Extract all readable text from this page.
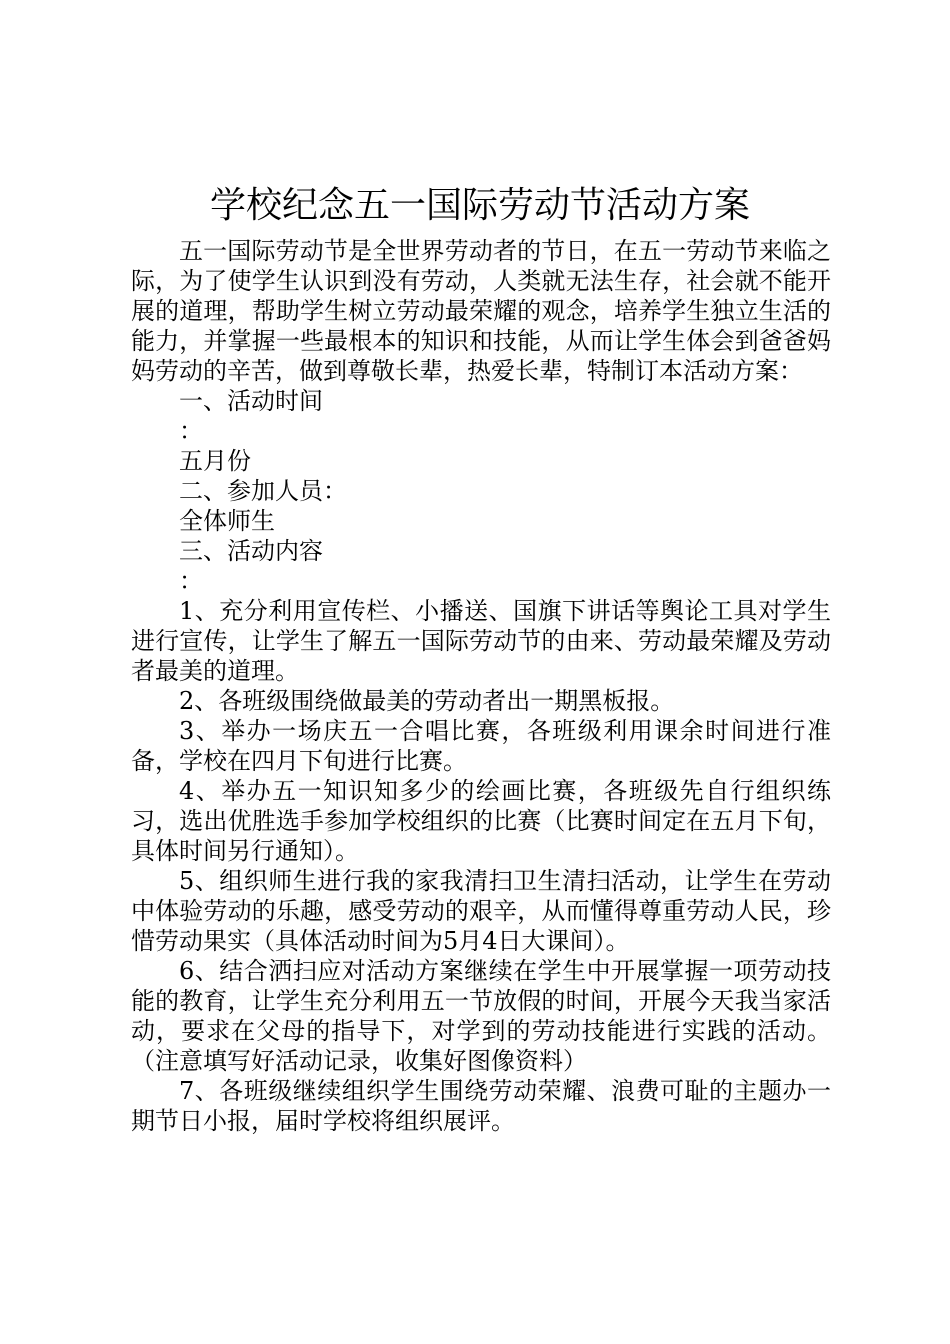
学校纪念五一国际劳动节活动方案

五一国际劳动节是全世界劳动者的节日，在五一劳动节来临之际，为了使学生认识到没有劳动，人类就无法生存，社会就不能开展的道理，帮助学生树立劳动最荣耀的观念，培养学生独立生活的能力，并掌握一些最根本的知识和技能，从而让学生体会到爸爸妈妈劳动的辛苦，做到尊敬长辈，热爱长辈，特制订本活动方案：

一、活动时间

：

五月份

二、参加人员：

全体师生

三、活动内容

：

1、充分利用宣传栏、小播送、国旗下讲话等舆论工具对学生进行宣传，让学生了解五一国际劳动节的由来、劳动最荣耀及劳动者最美的道理。

2、各班级围绕做最美的劳动者出一期黑板报。

3、举办一场庆五一合唱比赛，各班级利用课余时间进行准备，学校在四月下旬进行比赛。

4、举办五一知识知多少的绘画比赛，各班级先自行组织练习，选出优胜选手参加学校组织的比赛（比赛时间定在五月下旬，具体时间另行通知）。

5、组织师生进行我的家我清扫卫生清扫活动，让学生在劳动中体验劳动的乐趣，感受劳动的艰辛，从而懂得尊重劳动人民，珍惜劳动果实（具体活动时间为5月4日大课间）。

6、结合洒扫应对活动方案继续在学生中开展掌握一项劳动技能的教育，让学生充分利用五一节放假的时间，开展今天我当家活动，要求在父母的指导下，对学到的劳动技能进行实践的活动。（注意填写好活动记录，收集好图像资料）

7、各班级继续组织学生围绕劳动荣耀、浪费可耻的主题办一期节日小报，届时学校将组织展评。
